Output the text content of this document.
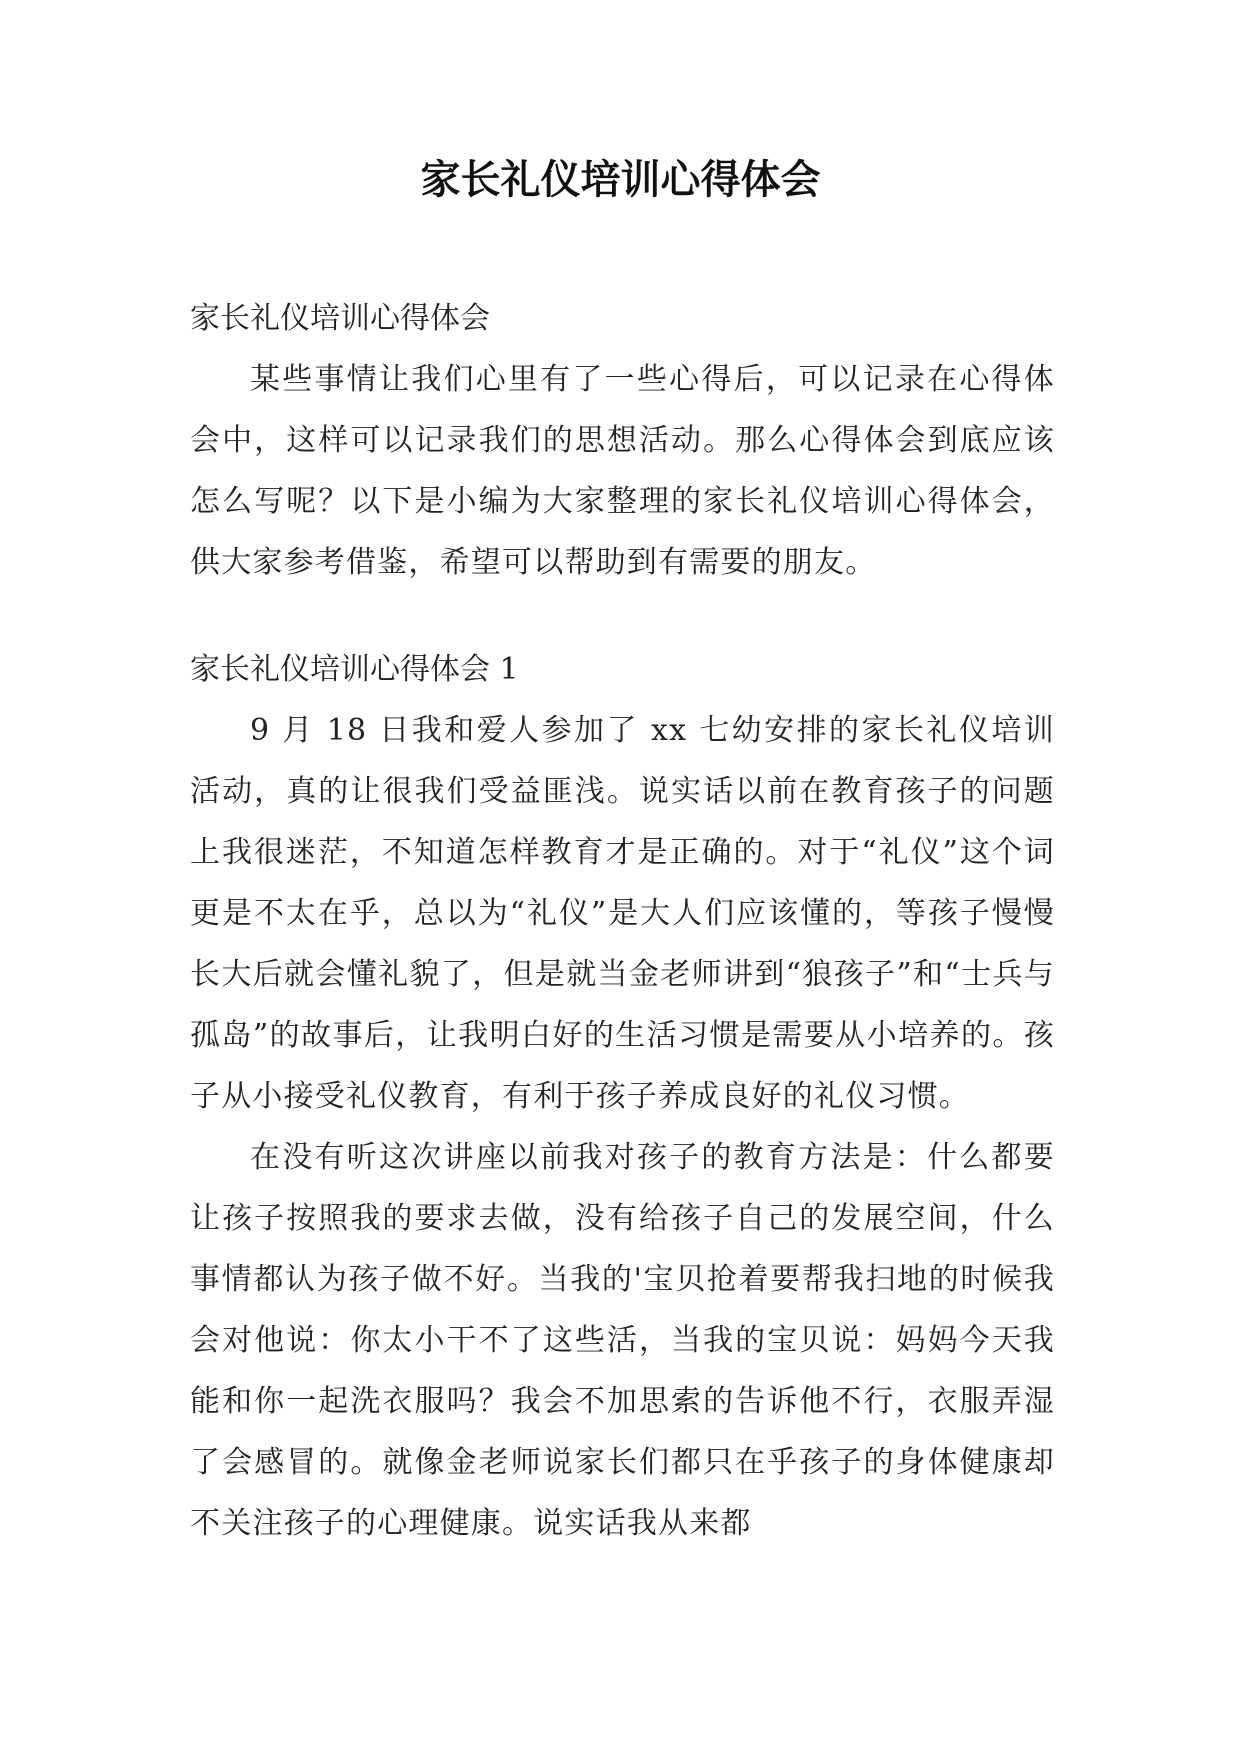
家长礼仪培训心得体会

家长礼仪培训心得体会

某些事情让我们心里有了一些心得后，可以记录在心得体会中，这样可以记录我们的思想活动。那么心得体会到底应该怎么写呢？以下是小编为大家整理的家长礼仪培训心得体会，供大家参考借鉴，希望可以帮助到有需要的朋友。

家长礼仪培训心得体会 1

9 月 18 日我和爱人参加了 xx 七幼安排的家长礼仪培训活动，真的让很我们受益匪浅。说实话以前在教育孩子的问题上我很迷茫，不知道怎样教育才是正确的。对于“礼仪”这个词更是不太在乎，总以为“礼仪”是大人们应该懂的，等孩子慢慢长大后就会懂礼貌了，但是就当金老师讲到“狼孩子”和“士兵与孤岛”的故事后，让我明白好的生活习惯是需要从小培养的。孩子从小接受礼仪教育，有利于孩子养成良好的礼仪习惯。

在没有听这次讲座以前我对孩子的教育方法是：什么都要让孩子按照我的要求去做，没有给孩子自己的发展空间，什么事情都认为孩子做不好。当我的'宝贝抢着要帮我扫地的时候我会对他说：你太小干不了这些活，当我的宝贝说：妈妈今天我能和你一起洗衣服吗？我会不加思索的告诉他不行，衣服弄湿了会感冒的。就像金老师说家长们都只在乎孩子的身体健康却不关注孩子的心理健康。说实话我从来都
